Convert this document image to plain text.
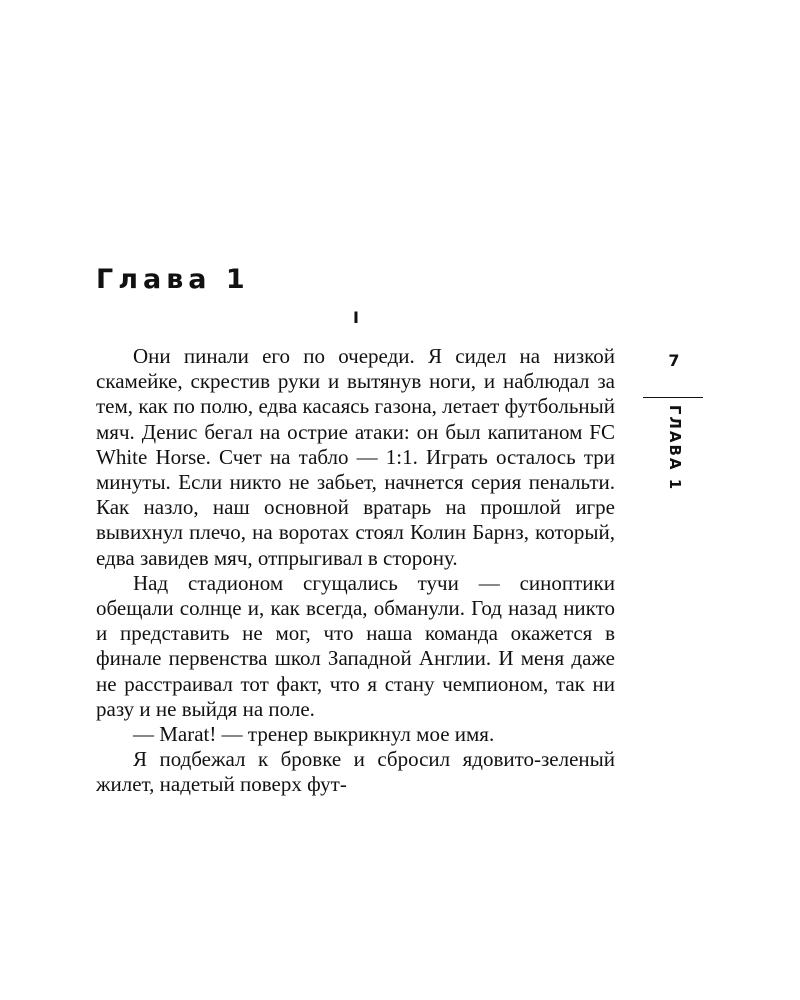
Глава 1
I

Они пинали его по очереди. Я сидел на низкой скамейке, скрестив руки и вытянув ноги, и наблюдал за тем, как по полю, едва касаясь газона, летает футбольный мяч. Денис бегал на острие атаки: он был капитаном FC White Horse. Счет на табло — 1:1. Играть осталось три минуты. Если никто не забьет, начнется серия пенальти. Как назло, наш основной вратарь на прошлой игре вывихнул плечо, на воротах стоял Колин Барнз, который, едва завидев мяч, отпрыгивал в сторону.

Над стадионом сгущались тучи — синоптики обещали солнце и, как всегда, обманули. Год назад никто и представить не мог, что наша команда окажется в финале первенства школ Западной Англии. И меня даже не расстраивал тот факт, что я стану чемпионом, так ни разу и не выйдя на поле.

— Marat! — тренер выкрикнул мое имя.

Я подбежал к бровке и сбросил ядовито-зеленый жилет, надетый поверх фут-

7
ГЛАВА 1
